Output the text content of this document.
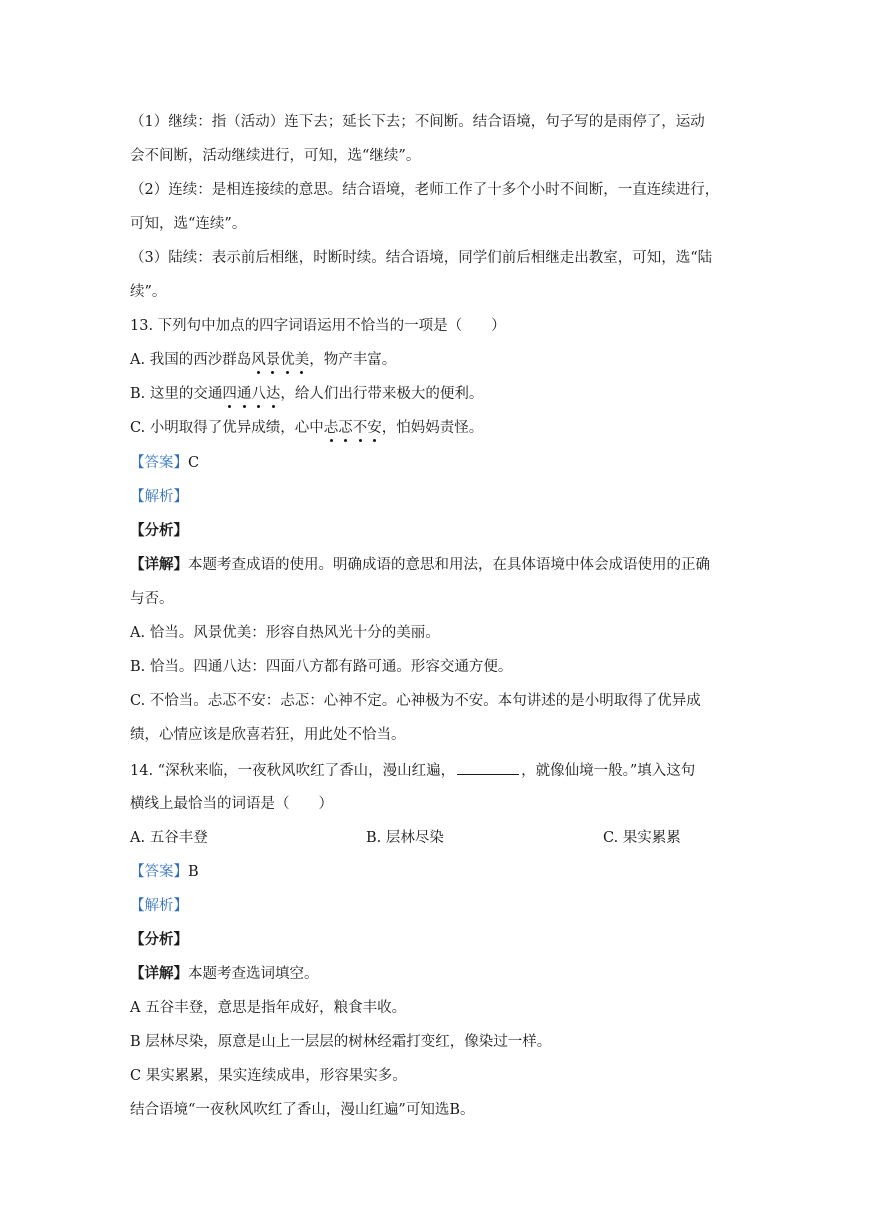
（1）继续：指（活动）连下去；延长下去；不间断。结合语境，句子写的是雨停了，运动
会不间断，活动继续进行，可知，选“继续”。
（2）连续：是相连接续的意思。结合语境，老师工作了十多个小时不间断，一直连续进行，
可知，选“连续”。
（3）陆续：表示前后相继，时断时续。结合语境，同学们前后相继走出教室，可知，选“陆
续”。
13. 下列句中加点的四字词语运用不恰当的一项是（　　）
A. 我国的西沙群岛风景优美，物产丰富。
B. 这里的交通四通八达，给人们出行带来极大的便利。
C. 小明取得了优异成绩，心中忐忑不安，怕妈妈责怪。
【答案】C
【解析】
【分析】
【详解】本题考查成语的使用。明确成语的意思和用法，在具体语境中体会成语使用的正确
与否。
A. 恰当。风景优美：形容自热风光十分的美丽。
B. 恰当。四通八达：四面八方都有路可通。形容交通方便。
C. 不恰当。忐忑不安：忐忑：心神不定。心神极为不安。本句讲述的是小明取得了优异成
绩，心情应该是欣喜若狂，用此处不恰当。
14. “深秋来临，一夜秋风吹红了香山，漫山红遍，	，就像仙境一般。”填入这句
横线上最恰当的词语是（　　）
A. 五谷丰登	B. 层林尽染	C. 果实累累
【答案】B
【解析】
【分析】
【详解】本题考查选词填空。
A 五谷丰登，意思是指年成好，粮食丰收。
B 层林尽染，原意是山上一层层的树林经霜打变红，像染过一样。
C 果实累累，果实连续成串，形容果实多。
结合语境“一夜秋风吹红了香山，漫山红遍”可知选B。
